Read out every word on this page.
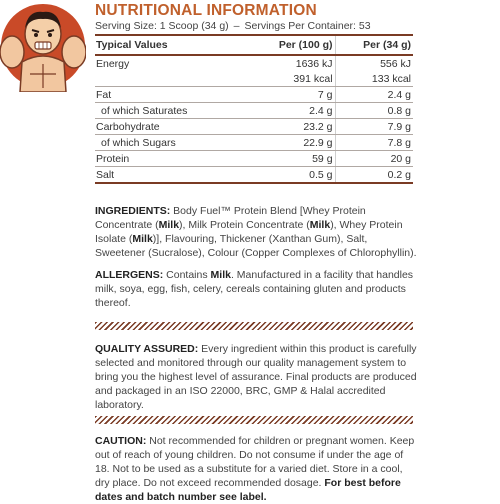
NUTRITIONAL INFORMATION
Serving Size: 1 Scoop (34 g) – Servings Per Container: 53
Typical Values	Per (100 g)	Per (34 g)
Energy	1636 kJ	556 kJ
	391 kcal	133 kcal
Fat	7 g	2.4 g
of which Saturates	2.4 g	0.8 g
Carbohydrate	23.2 g	7.9 g
of which Sugars	22.9 g	7.8 g
Protein	59 g	20 g
Salt	0.5 g	0.2 g
INGREDIENTS: Body Fuel™ Protein Blend [Whey Protein Concentrate (Milk), Milk Protein Concentrate (Milk), Whey Protein Isolate (Milk)], Flavouring, Thickener (Xanthan Gum), Salt, Sweetener (Sucralose), Colour (Copper Complexes of Chlorophyllin).
ALLERGENS: Contains Milk. Manufactured in a facility that handles milk, soya, egg, fish, celery, cereals containing gluten and products thereof.
QUALITY ASSURED: Every ingredient within this product is carefully selected and monitored through our quality management system to bring you the highest level of assurance. Final products are produced and packaged in an ISO 22000, BRC, GMP & Halal accredited laboratory.
CAUTION: Not recommended for children or pregnant women. Keep out of reach of young children. Do not consume if under the age of 18. Not to be used as a substitute for a varied diet. Store in a cool, dry place. Do not exceed recommended dosage. For best before dates and batch number see label.
